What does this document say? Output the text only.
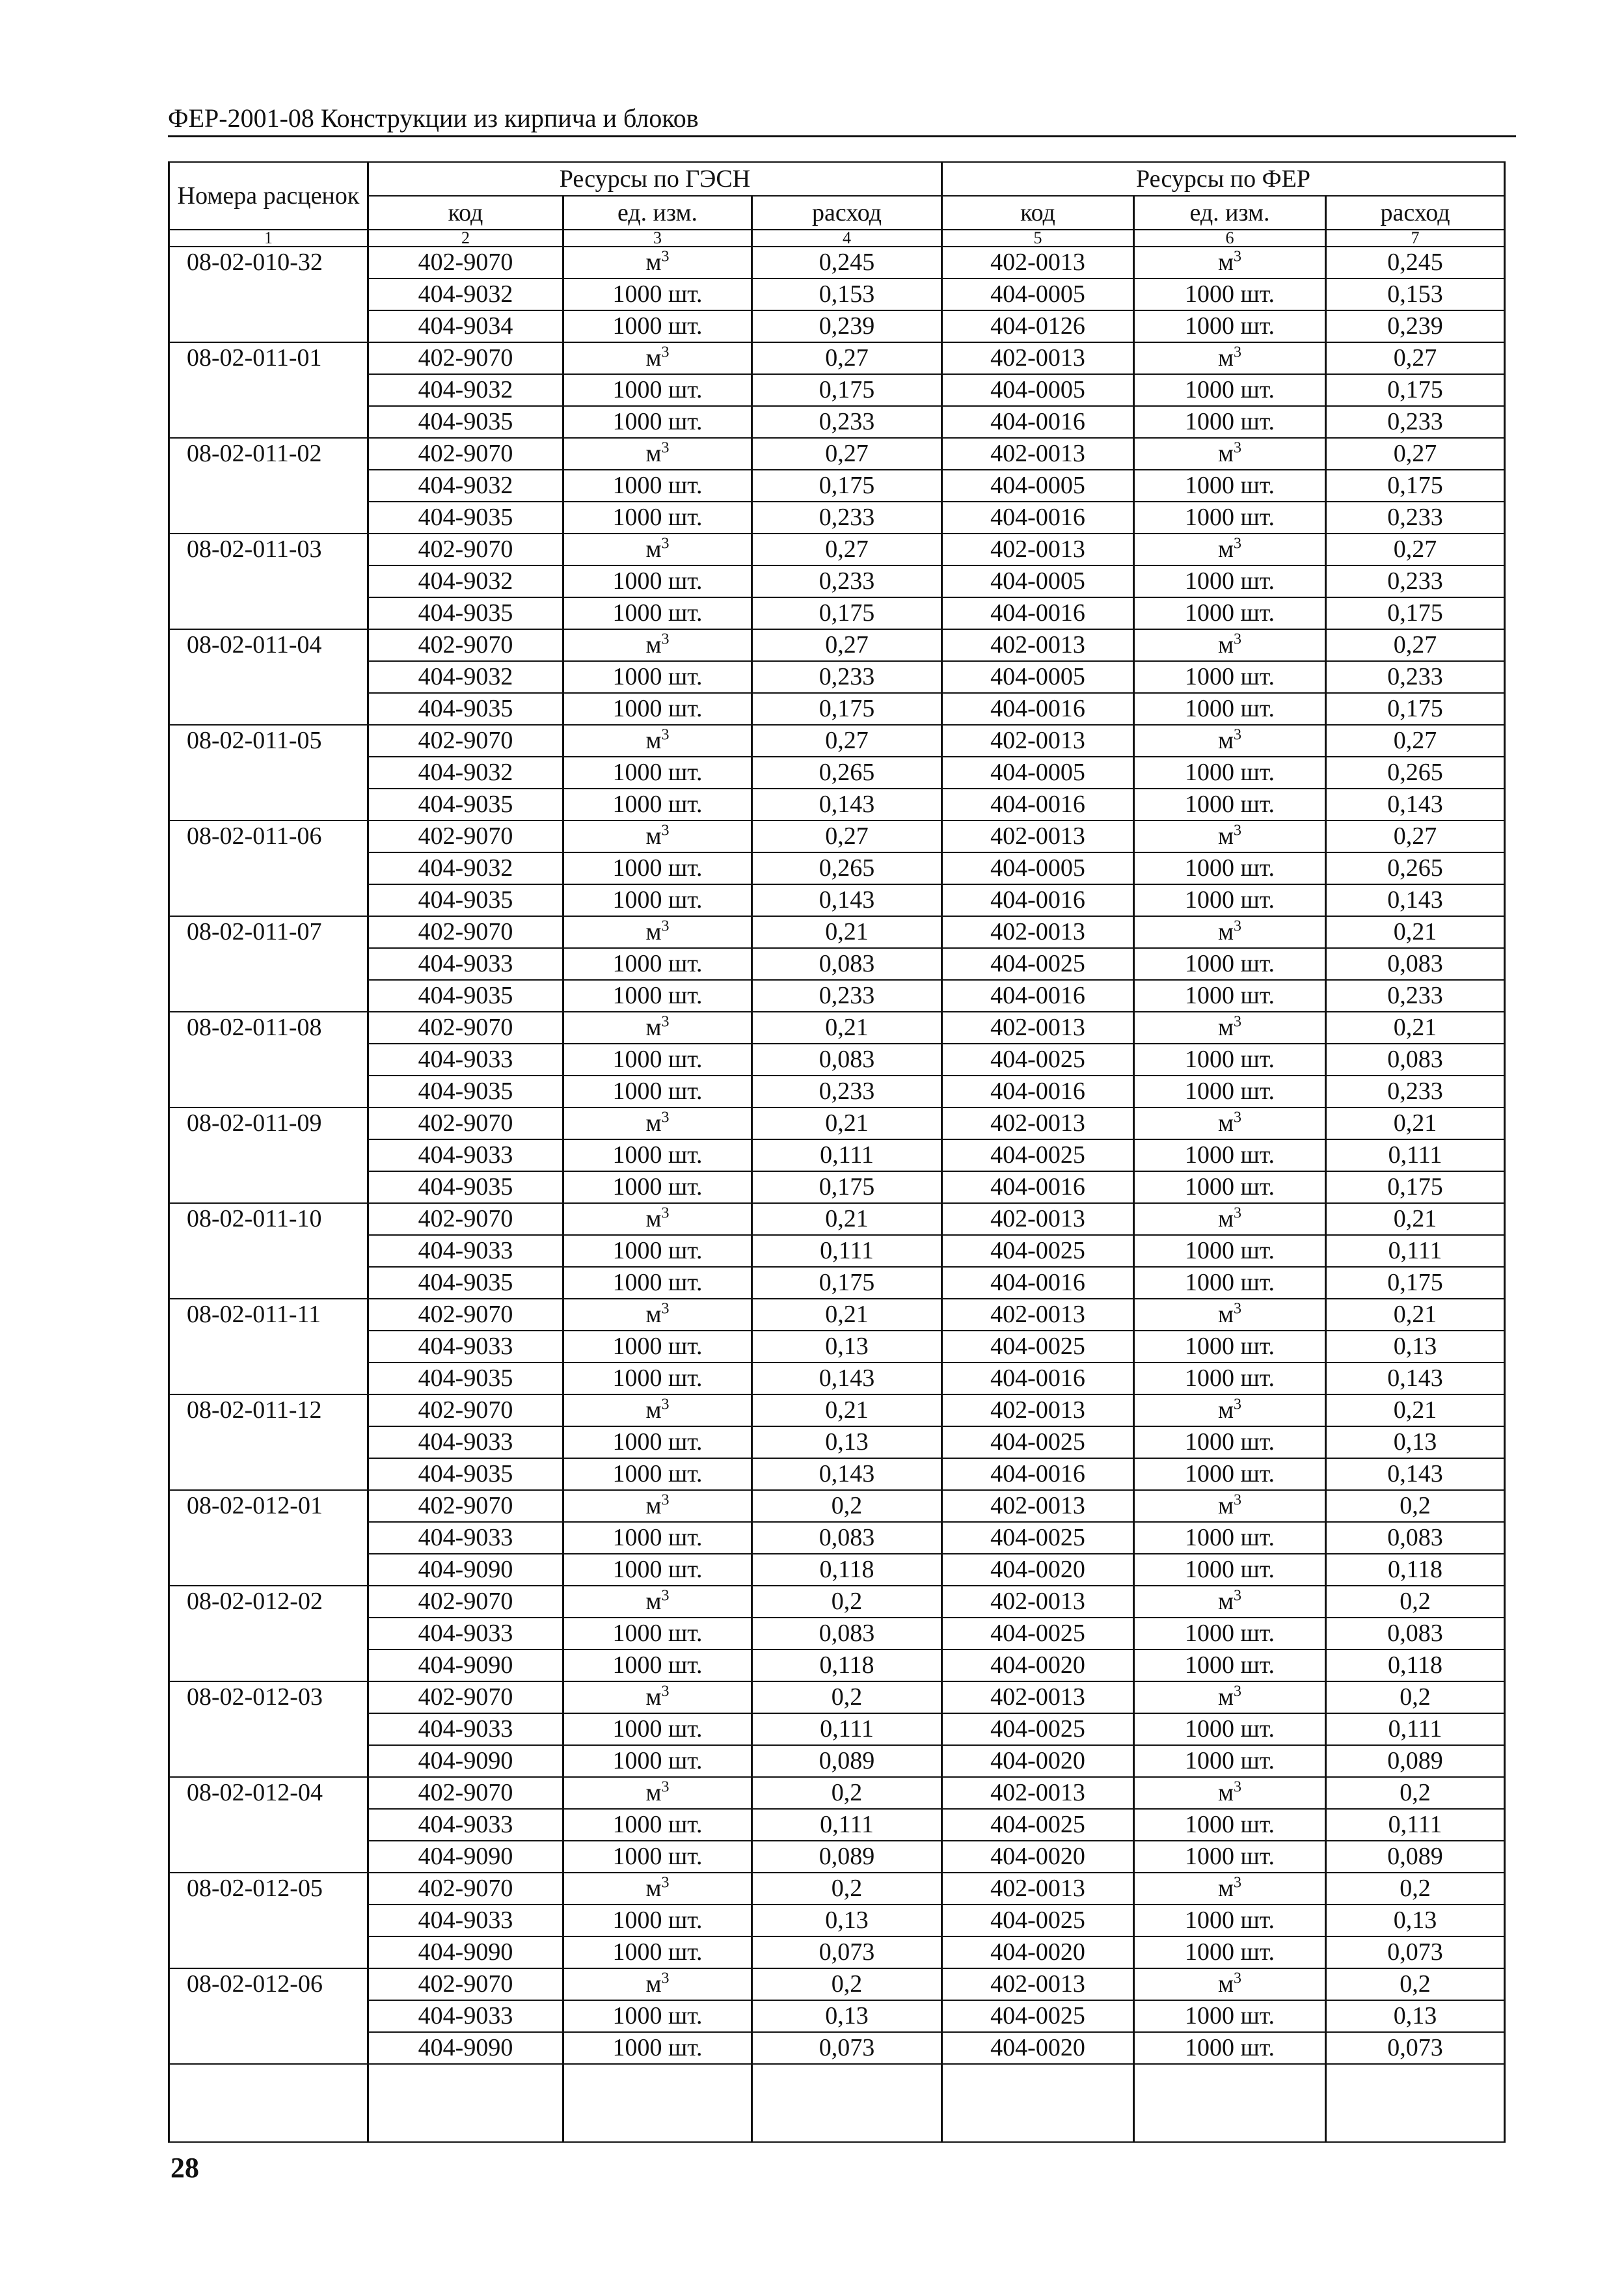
ФЕР-2001-08 Конструкции из кирпича и блоков
Номера расценок	Ресурсы по ГЭСН			Ресурсы по ФЕР		
	код	ед. изм.	расход	код	ед. изм.	расход
1	2	3	4	5	6	7
08-02-010-32	402-9070	$м^3$	0,245	402-0013	$м^3$	0,245
	404-9032	1000 шт.	0,153	404-0005	1000 шт.	0,153
	404-9034	1000 шт.	0,239	404-0126	1000 шт.	0,239
08-02-011-01	402-9070	$м^3$	0,27	402-0013	$м^3$	0,27
	404-9032	1000 шт.	0,175	404-0005	1000 шт.	0,175
	404-9035	1000 шт.	0,233	404-0016	1000 шт.	0,233
08-02-011-02	402-9070	$м^3$	0,27	402-0013	$м^3$	0,27
	404-9032	1000 шт.	0,175	404-0005	1000 шт.	0,175
	404-9035	1000 шт.	0,233	404-0016	1000 шт.	0,233
08-02-011-03	402-9070	$м^3$	0,27	402-0013	$м^3$	0,27
	404-9032	1000 шт.	0,233	404-0005	1000 шт.	0,233
	404-9035	1000 шт.	0,175	404-0016	1000 шт.	0,175
08-02-011-04	402-9070	$м^3$	0,27	402-0013	$м^3$	0,27
	404-9032	1000 шт.	0,233	404-0005	1000 шт.	0,233
	404-9035	1000 шт.	0,175	404-0016	1000 шт.	0,175
08-02-011-05	402-9070	$м^3$	0,27	402-0013	$м^3$	0,27
	404-9032	1000 шт.	0,265	404-0005	1000 шт.	0,265
	404-9035	1000 шт.	0,143	404-0016	1000 шт.	0,143
08-02-011-06	402-9070	$м^3$	0,27	402-0013	$м^3$	0,27
	404-9032	1000 шт.	0,265	404-0005	1000 шт.	0,265
	404-9035	1000 шт.	0,143	404-0016	1000 шт.	0,143
08-02-011-07	402-9070	$м^3$	0,21	402-0013	$м^3$	0,21
	404-9033	1000 шт.	0,083	404-0025	1000 шт.	0,083
	404-9035	1000 шт.	0,233	404-0016	1000 шт.	0,233
08-02-011-08	402-9070	$м^3$	0,21	402-0013	$м^3$	0,21
	404-9033	1000 шт.	0,083	404-0025	1000 шт.	0,083
	404-9035	1000 шт.	0,233	404-0016	1000 шт.	0,233
08-02-011-09	402-9070	$м^3$	0,21	402-0013	$м^3$	0,21
	404-9033	1000 шт.	0,111	404-0025	1000 шт.	0,111
	404-9035	1000 шт.	0,175	404-0016	1000 шт.	0,175
08-02-011-10	402-9070	$м^3$	0,21	402-0013	$м^3$	0,21
	404-9033	1000 шт.	0,111	404-0025	1000 шт.	0,111
	404-9035	1000 шт.	0,175	404-0016	1000 шт.	0,175
08-02-011-11	402-9070	$м^3$	0,21	402-0013	$м^3$	0,21
	404-9033	1000 шт.	0,13	404-0025	1000 шт.	0,13
	404-9035	1000 шт.	0,143	404-0016	1000 шт.	0,143
08-02-011-12	402-9070	$м^3$	0,21	402-0013	$м^3$	0,21
	404-9033	1000 шт.	0,13	404-0025	1000 шт.	0,13
	404-9035	1000 шт.	0,143	404-0016	1000 шт.	0,143
08-02-012-01	402-9070	$м^3$	0,2	402-0013	$м^3$	0,2
	404-9033	1000 шт.	0,083	404-0025	1000 шт.	0,083
	404-9090	1000 шт.	0,118	404-0020	1000 шт.	0,118
08-02-012-02	402-9070	$м^3$	0,2	402-0013	$м^3$	0,2
	404-9033	1000 шт.	0,083	404-0025	1000 шт.	0,083
	404-9090	1000 шт.	0,118	404-0020	1000 шт.	0,118
08-02-012-03	402-9070	$м^3$	0,2	402-0013	$м^3$	0,2
	404-9033	1000 шт.	0,111	404-0025	1000 шт.	0,111
	404-9090	1000 шт.	0,089	404-0020	1000 шт.	0,089
08-02-012-04	402-9070	$м^3$	0,2	402-0013	$м^3$	0,2
	404-9033	1000 шт.	0,111	404-0025	1000 шт.	0,111
	404-9090	1000 шт.	0,089	404-0020	1000 шт.	0,089
08-02-012-05	402-9070	$м^3$	0,2	402-0013	$м^3$	0,2
	404-9033	1000 шт.	0,13	404-0025	1000 шт.	0,13
	404-9090	1000 шт.	0,073	404-0020	1000 шт.	0,073
08-02-012-06	402-9070	$м^3$	0,2	402-0013	$м^3$	0,2
	404-9033	1000 шт.	0,13	404-0025	1000 шт.	0,13
	404-9090	1000 шт.	0,073	404-0020	1000 шт.	0,073

28
